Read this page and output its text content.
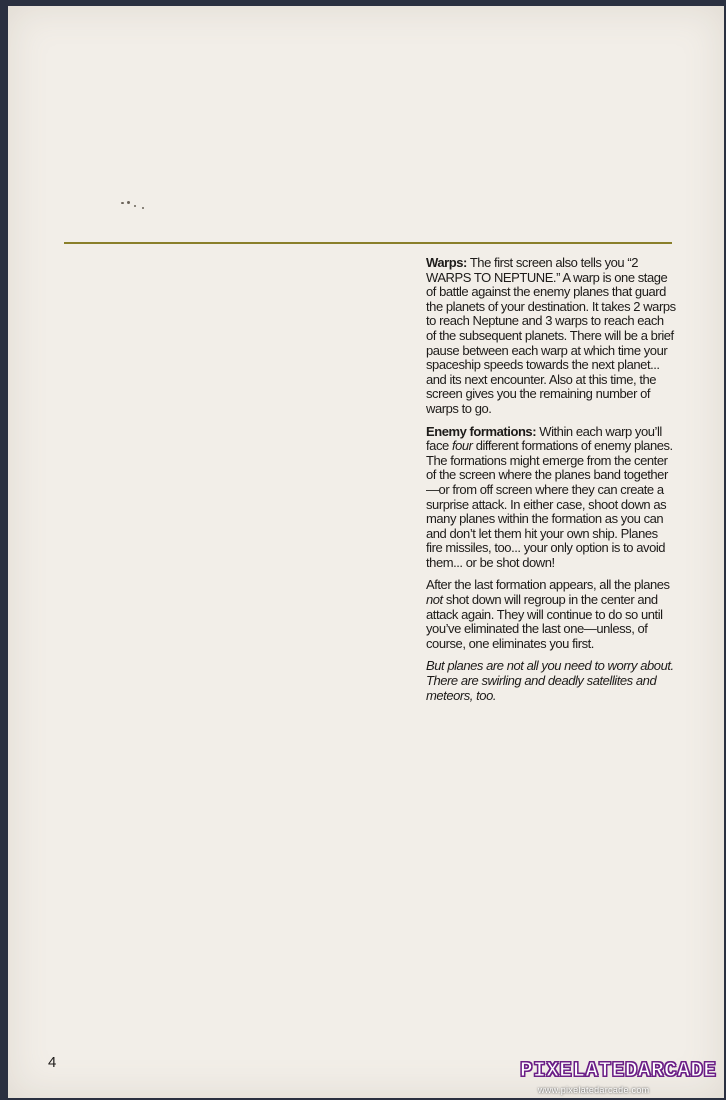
Warps: The first screen also tells you “2 WARPS TO NEPTUNE.” A warp is one stage of battle against the enemy planes that guard the planets of your destination. It takes 2 warps to reach Neptune and 3 warps to reach each of the subsequent planets. There will be a brief pause between each warp at which time your spaceship speeds towards the next planet... and its next encounter. Also at this time, the screen gives you the remaining number of warps to go.

Enemy formations: Within each warp you’ll face four different formations of enemy planes. The formations might emerge from the center of the screen where the planes band together—or from off screen where they can create a surprise attack. In either case, shoot down as many planes within the formation as you can and don’t let them hit your own ship. Planes fire missiles, too... your only option is to avoid them... or be shot down!

After the last formation appears, all the planes not shot down will regroup in the center and attack again. They will continue to do so until you’ve eliminated the last one—unless, of course, one eliminates you first.

But planes are not all you need to worry about. There are swirling and deadly satellites and meteors, too.

4	PIXELATEDARCADE
www.pixelatedarcade.com
